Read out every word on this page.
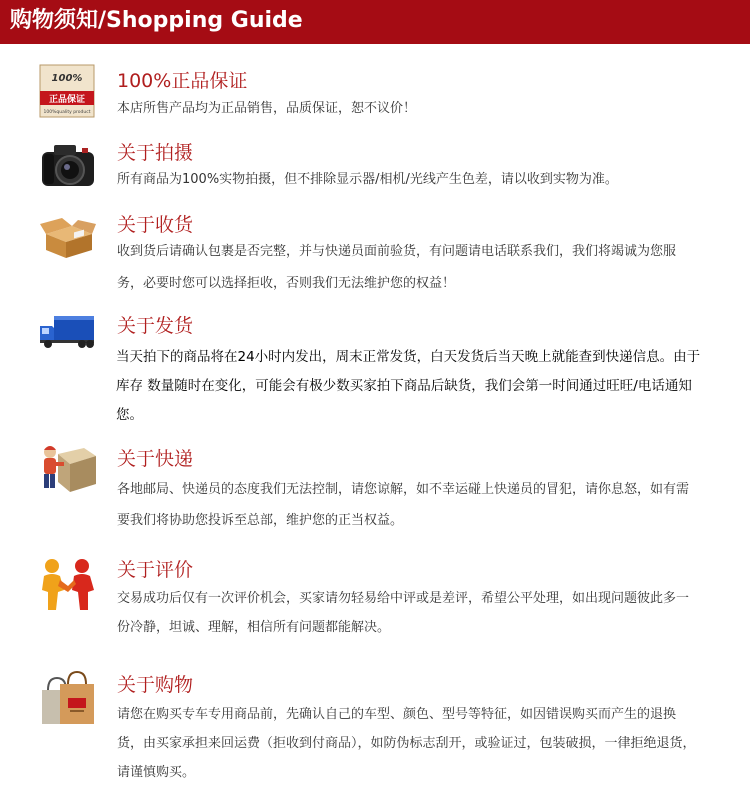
购物须知/Shopping Guide
100%
正品保证
100%quality product
100%正品保证
本店所售产品均为正品销售，品质保证，恕不议价！
关于拍摄
所有商品为100%实物拍摄，但不排除显示器/相机/光线产生色差，请以收到实物为准。
关于收货
收到货后请确认包裹是否完整，并与快递员面前验货，有问题请电话联系我们，我们将竭诚为您服务，必要时您可以选择拒收，否则我们无法维护您的权益！
关于发货
当天拍下的商品将在24小时内发出，周末正常发货，白天发货后当天晚上就能查到快递信息。由于库存 数量随时在变化，可能会有极少数买家拍下商品后缺货，我们会第一时间通过旺旺/电话通知您。
关于快递
各地邮局、快递员的态度我们无法控制，请您谅解，如不幸运碰上快递员的冒犯，请你息怒，如有需要我们将协助您投诉至总部，维护您的正当权益。
关于评价
交易成功后仅有一次评价机会，买家请勿轻易给中评或是差评，希望公平处理，如出现问题彼此多一份冷静，坦诚、理解，相信所有问题都能解决。
关于购物
请您在购买专车专用商品前，先确认自己的车型、颜色、型号等特征，如因错误购买而产生的退换货，由买家承担来回运费（拒收到付商品），如防伪标志刮开，或验证过，包装破损，一律拒绝退货，请谨慎购买。
